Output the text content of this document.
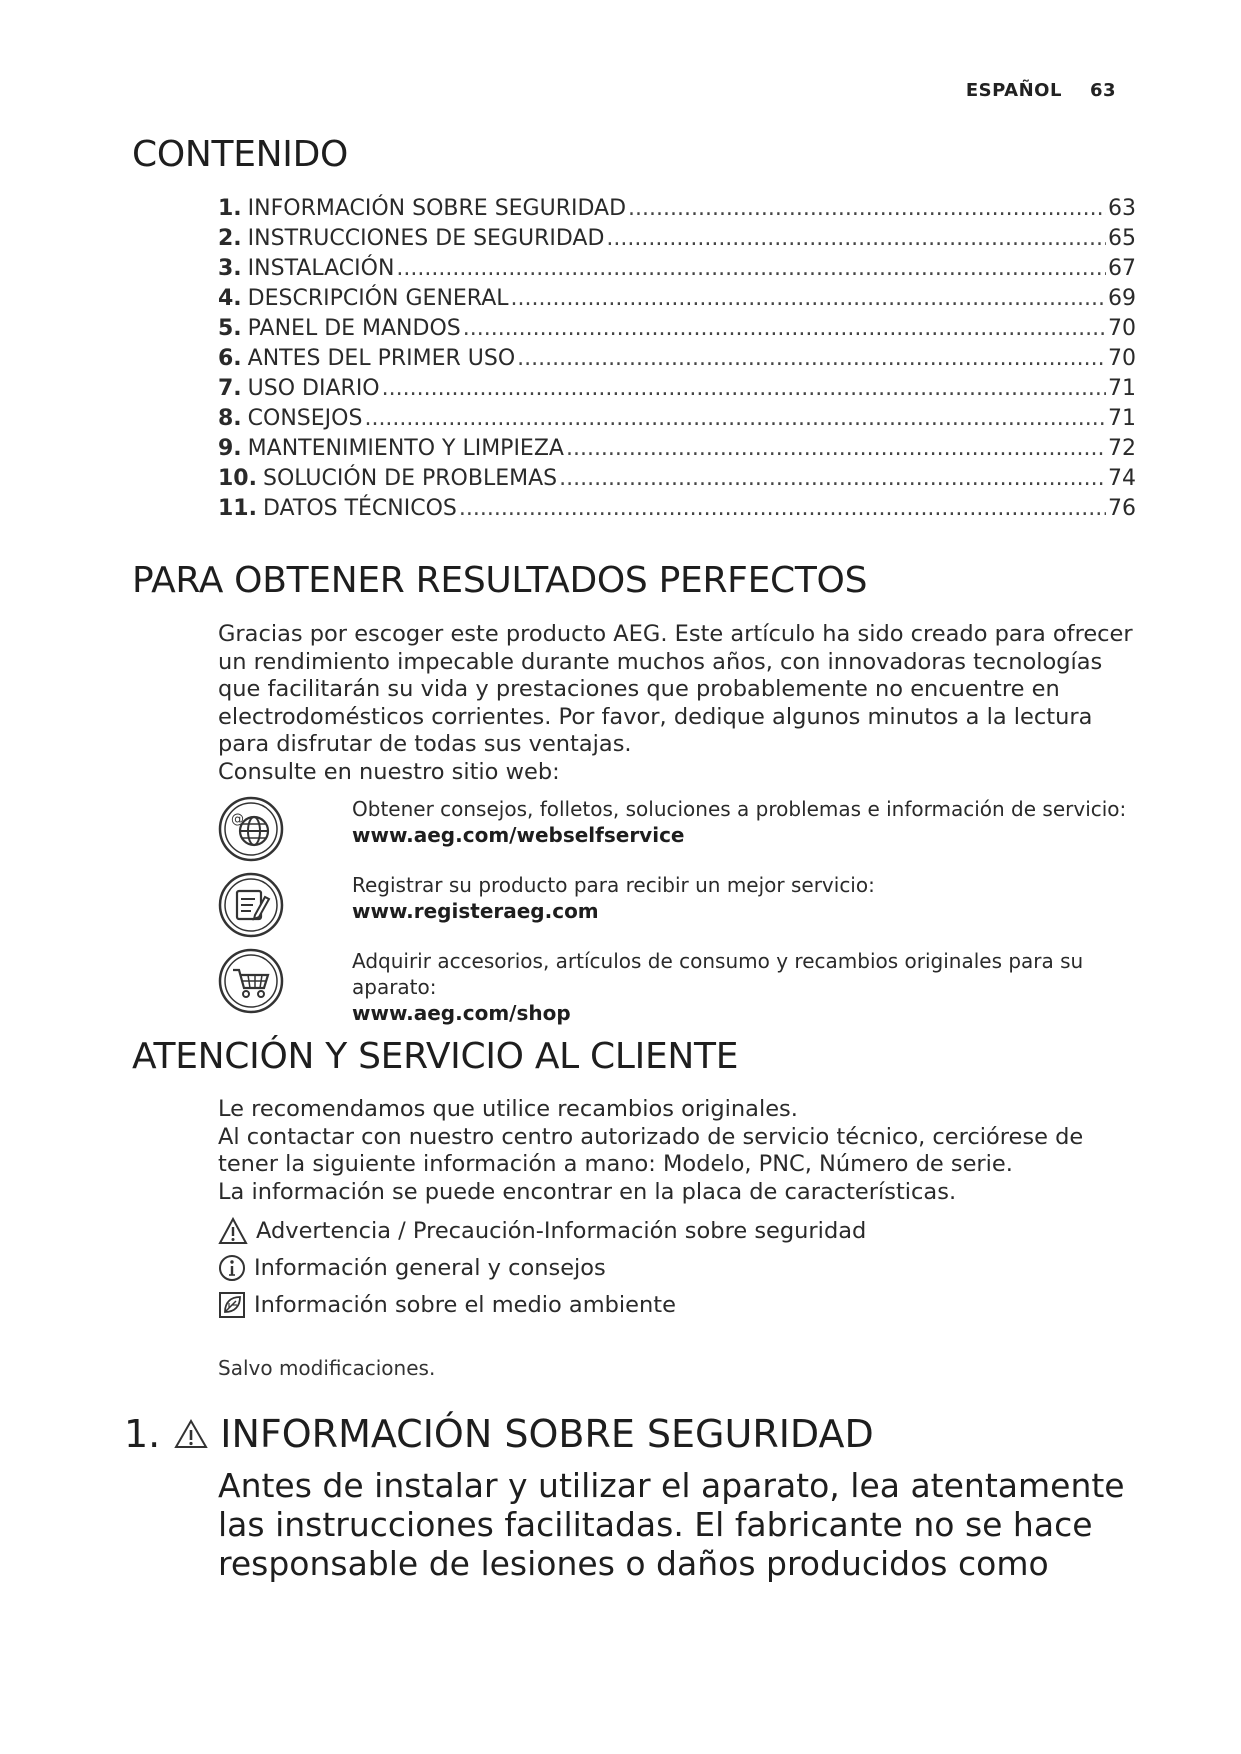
ESPAÑOL 63
CONTENIDO
1. INFORMACIÓN SOBRE SEGURIDAD .....	63
2. INSTRUCCIONES DE SEGURIDAD .....	65
3. INSTALACIÓN .....	67
4. DESCRIPCIÓN GENERAL .....	69
5. PANEL DE MANDOS .....	70
6. ANTES DEL PRIMER USO .....	70
7. USO DIARIO .....	71
8. CONSEJOS .....	71
9. MANTENIMIENTO Y LIMPIEZA .....	72
10. SOLUCIÓN DE PROBLEMAS .....	74
11. DATOS TÉCNICOS .....	76
PARA OBTENER RESULTADOS PERFECTOS

Gracias por escoger este producto AEG. Este artículo ha sido creado para ofrecer un rendimiento impecable durante muchos años, con innovadoras tecnologías que facilitarán su vida y prestaciones que probablemente no encuentre en electrodomésticos corrientes. Por favor, dedique algunos minutos a la lectura para disfrutar de todas sus ventajas.

Consulte en nuestro sitio web:

@	Obtener consejos, folletos, soluciones a problemas e información de servicio:
www.aeg.com/webselfservice
Registrar su producto para recibir un mejor servicio:
www.registeraeg.com
Adquirir accesorios, artículos de consumo y recambios originales para su aparato:
www.aeg.com/shop
ATENCIÓN Y SERVICIO AL CLIENTE

Le recomendamos que utilice recambios originales.

Al contactar con nuestro centro autorizado de servicio técnico, cerciórese de tener la siguiente información a mano: Modelo, PNC, Número de serie.

La información se puede encontrar en la placa de características.

Advertencia / Precaución-Información sobre seguridad
Información general y consejos
Información sobre el medio ambiente
Salvo modificaciones.
1. INFORMACIÓN SOBRE SEGURIDAD
Antes de instalar y utilizar el aparato, lea atentamente las instrucciones facilitadas. El fabricante no se hace responsable de lesiones o daños producidos como
